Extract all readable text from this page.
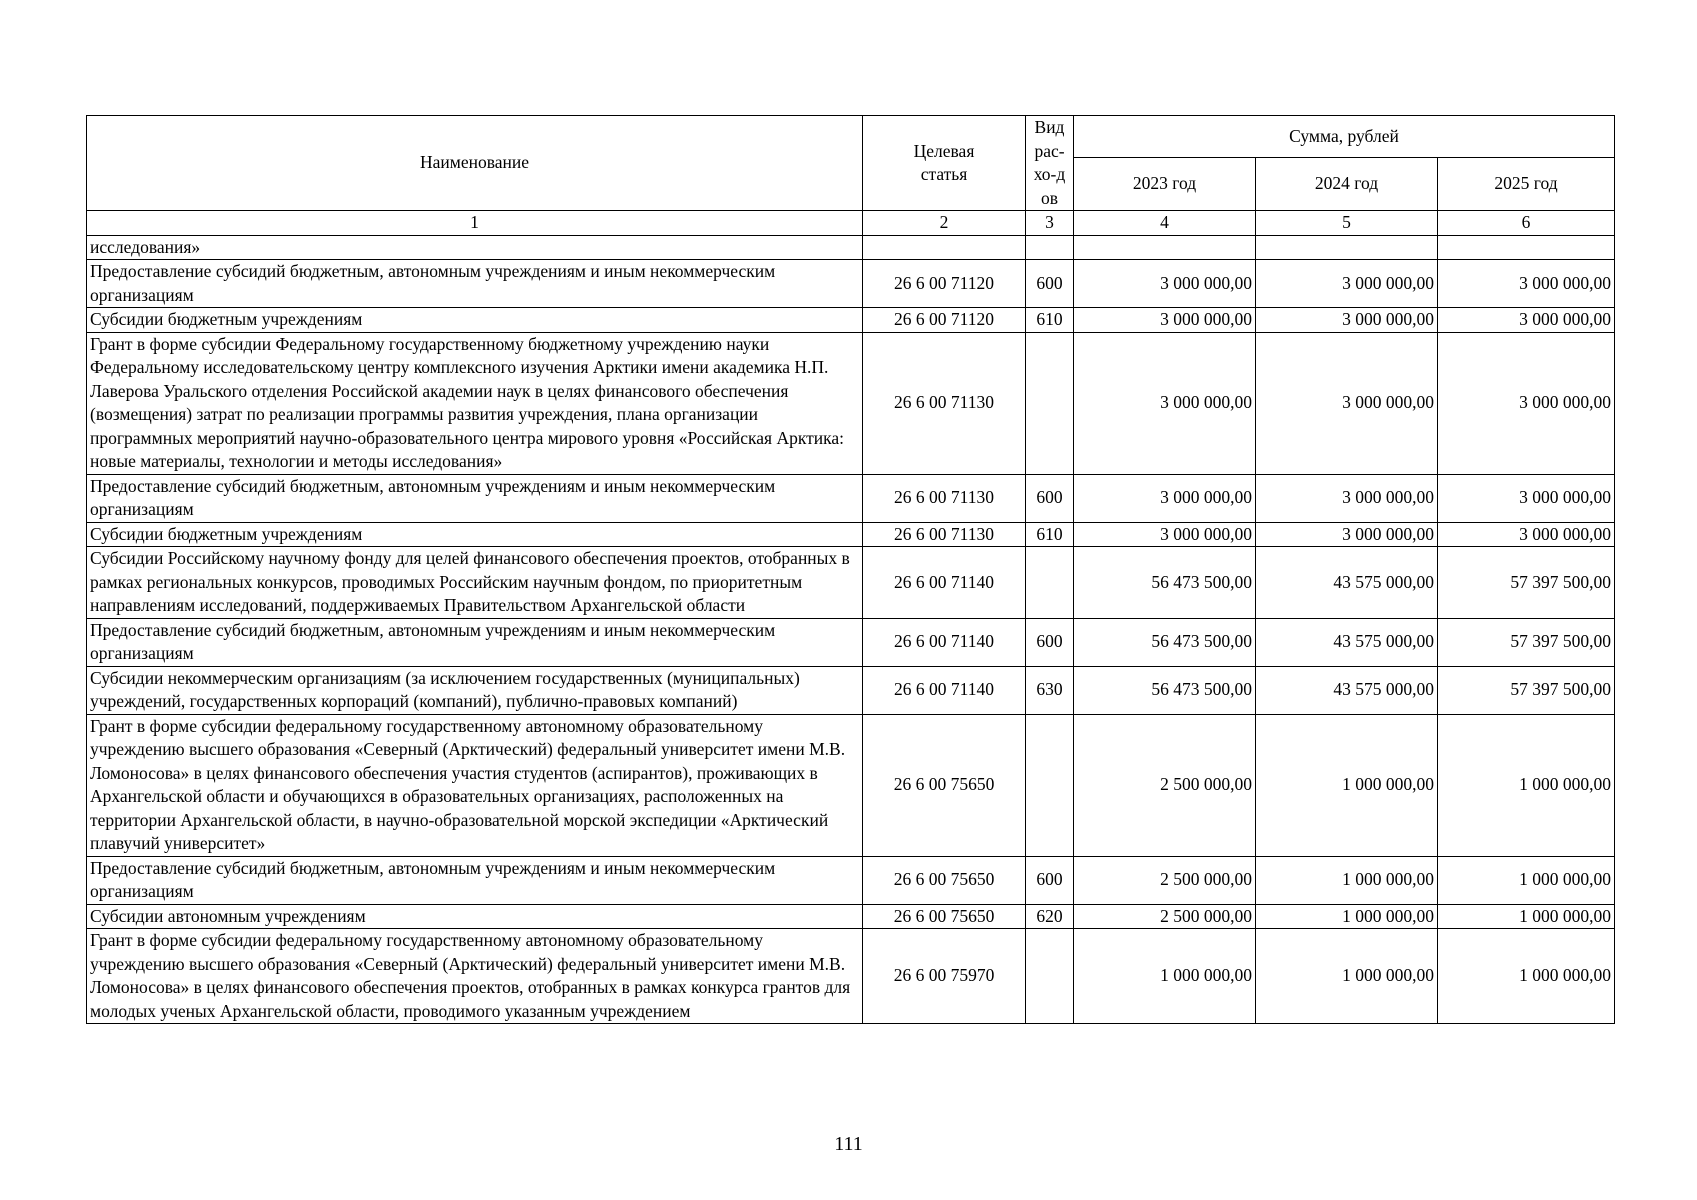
Наименование	Целевая статья	Вид рас-хо-дов	Сумма, рублей		
			2023 год	2024 год	2025 год
1	2	3	4	5	6
исследования»					
Предоставление субсидий бюджетным, автономным учреждениям и иным некоммерческим организациям	26 6 00 71120	600	3 000 000,00	3 000 000,00	3 000 000,00
Субсидии бюджетным учреждениям	26 6 00 71120	610	3 000 000,00	3 000 000,00	3 000 000,00
Грант в форме субсидии Федеральному государственному бюджетному учреждению науки Федеральному исследовательскому центру комплексного изучения Арктики имени академика Н.П. Лаверова Уральского отделения Российской академии наук в целях финансового обеспечения (возмещения) затрат по реализации программы развития учреждения, плана организации программных мероприятий научно-образовательного центра мирового уровня «Российская Арктика: новые материалы, технологии и методы исследования»	26 6 00 71130		3 000 000,00	3 000 000,00	3 000 000,00
Предоставление субсидий бюджетным, автономным учреждениям и иным некоммерческим организациям	26 6 00 71130	600	3 000 000,00	3 000 000,00	3 000 000,00
Субсидии бюджетным учреждениям	26 6 00 71130	610	3 000 000,00	3 000 000,00	3 000 000,00
Субсидии Российскому научному фонду для целей финансового обеспечения проектов, отобранных в рамках региональных конкурсов, проводимых Российским научным фондом, по приоритетным направлениям исследований, поддерживаемых Правительством Архангельской области	26 6 00 71140		56 473 500,00	43 575 000,00	57 397 500,00
Предоставление субсидий бюджетным, автономным учреждениям и иным некоммерческим организациям	26 6 00 71140	600	56 473 500,00	43 575 000,00	57 397 500,00
Субсидии некоммерческим организациям (за исключением государственных (муниципальных) учреждений, государственных корпораций (компаний), публично-правовых компаний)	26 6 00 71140	630	56 473 500,00	43 575 000,00	57 397 500,00
Грант в форме субсидии федеральному государственному автономному образовательному учреждению высшего образования «Северный (Арктический) федеральный университет имени М.В. Ломоносова» в целях финансового обеспечения участия студентов (аспирантов), проживающих в Архангельской области и обучающихся в образовательных организациях, расположенных на территории Архангельской области, в научно-образовательной морской экспедиции «Арктический плавучий университет»	26 6 00 75650		2 500 000,00	1 000 000,00	1 000 000,00
Предоставление субсидий бюджетным, автономным учреждениям и иным некоммерческим организациям	26 6 00 75650	600	2 500 000,00	1 000 000,00	1 000 000,00
Субсидии автономным учреждениям	26 6 00 75650	620	2 500 000,00	1 000 000,00	1 000 000,00
Грант в форме субсидии федеральному государственному автономному образовательному учреждению высшего образования «Северный (Арктический) федеральный университет имени М.В. Ломоносова» в целях финансового обеспечения проектов, отобранных в рамках конкурса грантов для молодых ученых Архангельской области, проводимого указанным учреждением	26 6 00 75970		1 000 000,00	1 000 000,00	1 000 000,00
111
